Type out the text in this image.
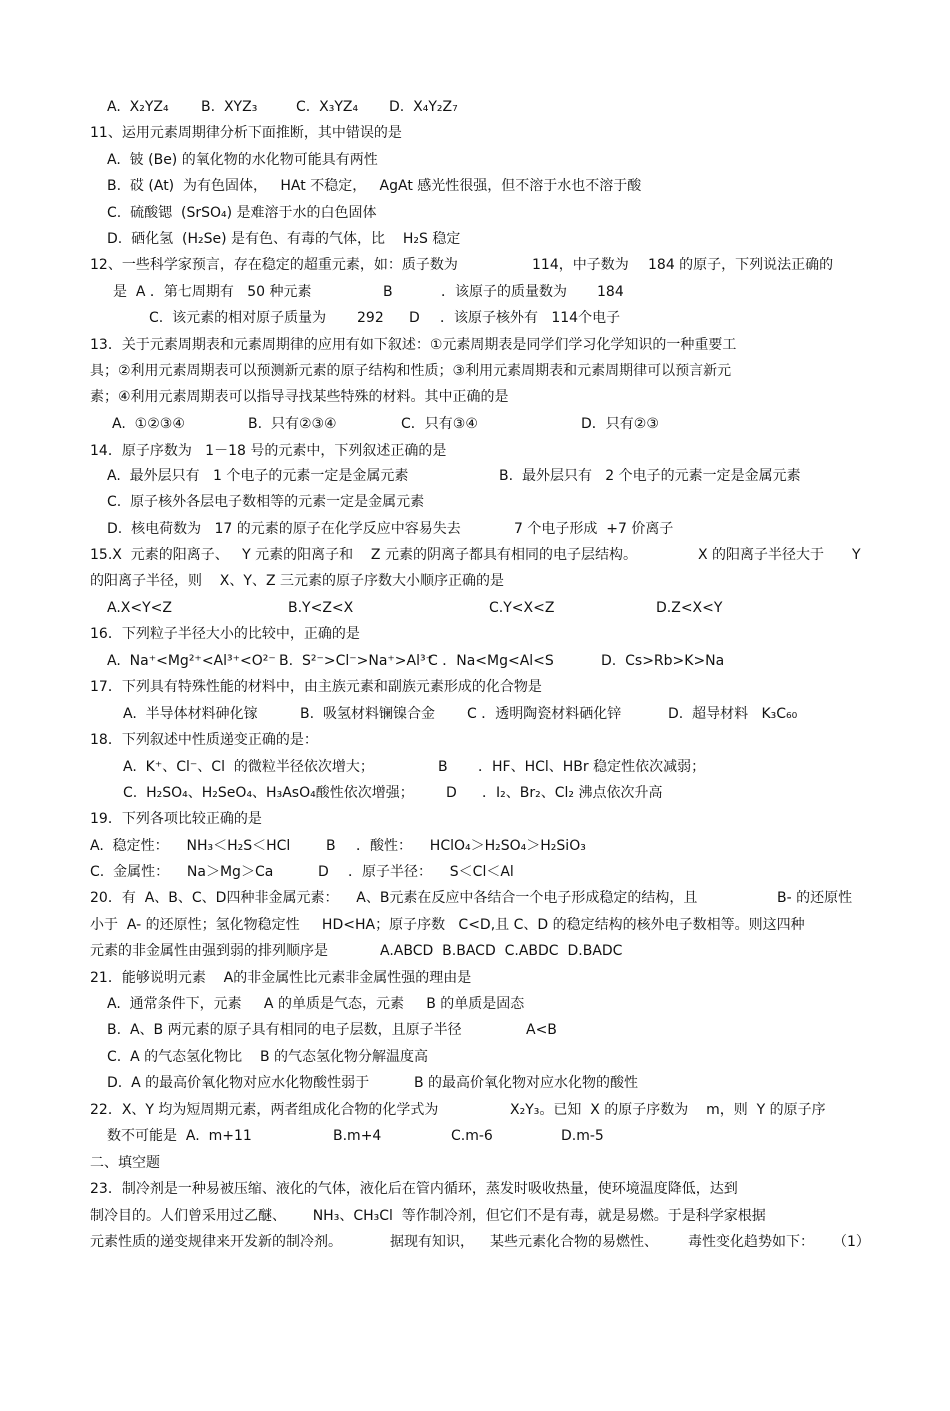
A.  X₂YZ₄

B.  XYZ₃

	C.  X₃YZ₄

D.  X₄Y₂Z₇

11、运用元素周期律分析下面推断，其中错误的是

A.  铍 (Be) 的氧化物的水化物可能具有两性

B.  砹 (At)  为有色固体，   HAt 不稳定，   AgAt 感光性很强，但不溶于水也不溶于酸

C.  硫酸锶  (SrSO₄) 是难溶于水的白色固体

D.  硒化氢  (H₂Se) 是有色、有毒的气体，比    H₂S 稳定

12、一些科学家预言，存在稳定的超重元素，如：质子数为

	114，中子数为

184 的原子，下列说法正确的

是  A ．第七周期有   50 种元素

	B

	．该原子的质量数为

184

C.  该元素的相对原子质量为

292

D

．该原子核外有   114个电子

13．关于元素周期表和元素周期律的应用有如下叙述：①元素周期表是同学们学习化学知识的一种重要工

具；②利用元素周期表可以预测新元素的原子结构和性质；③利用元素周期表和元素周期律可以预言新元

素；④利用元素周期表可以指导寻找某些特殊的材料。其中正确的是

A.  ①②③④

	B.  只有②③④

	C．只有③④

	D．只有②③

14．原子序数为   1－18 号的元素中，下列叙述正确的是

A.  最外层只有   1 个电子的元素一定是金属元素

	B.  最外层只有   2 个电子的元素一定是金属元素

C.  原子核外各层电子数相等的元素一定是金属元素

D.  核电荷数为   17 的元素的原子在化学反应中容易失去

	7 个电子形成  +7 价离子

15.X  元素的阳离子、   Y 元素的阳离子和    Z 元素的阴离子都具有相同的电子层结构。

	X 的阳离子半径大于

Y

的阳离子半径，则    X、Y、Z 三元素的原子序数大小顺序正确的是

A.X<Y<Z

	B.Y<Z<X

	C.Y<X<Z

	D.Z<X<Y

16．下列粒子半径大小的比较中，正确的是

A.  Na⁺<Mg²⁺<Al³⁺<O²⁻

B.  S²⁻>Cl⁻>Na⁺>Al³⁺

C ．Na<Mg<Al<S

	D.  Cs>Rb>K>Na

17．下列具有特殊性能的材料中，由主族元素和副族元素形成的化合物是

A.  半导体材料砷化镓

	B.  吸氢材料镧镍合金

C ．透明陶瓷材料硒化锌

	D.  超导材料   K₃C₆₀

18．下列叙述中性质递变正确的是：

A.  K⁺、Cl⁻、Cl  的微粒半径依次增大；

	B

．HF、HCl、HBr 稳定性依次减弱；

C.  H₂SO₄、H₂SeO₄、H₃AsO₄酸性依次增强；

D

．I₂、Br₂、Cl₂ 沸点依次升高

19．下列各项比较正确的是

A.  稳定性：    NH₃＜H₂S＜HCl

	B

．酸性：    HClO₄＞H₂SO₄＞H₂SiO₃

C.  金属性：    Na＞Mg＞Ca

	D

．原子半径：    S＜Cl＜Al

20．有  A、B、C、D四种非金属元素：    A、B元素在反应中各结合一个电子形成稳定的结构，且

	B- 的还原性

小于  A- 的还原性；氢化物稳定性     HD<HA；原子序数   C<D,且 C、D 的稳定结构的核外电子数相等。则这四种

元素的非金属性由强到弱的排列顺序是

	A.ABCD  B.BACD  C.ABDC  D.BADC

21．能够说明元素    A的非金属性比元素非金属性强的理由是

A.  通常条件下，元素     A 的单质是气态，元素     B 的单质是固态

B.  A、B 两元素的原子具有相同的电子层数，且原子半径

	A<B

C.  A 的气态氢化物比    B 的气态氢化物分解温度高

D.  A 的最高价氧化物对应水化物酸性弱于

	B 的最高价氧化物对应水化物的酸性

22．X、Y 均为短周期元素，两者组成化合物的化学式为

	X₂Y₃。已知  X 的原子序数为    m，则  Y 的原子序

数不可能是  A.  m+11

	B.m+4

	C.m-6

	D.m-5

二、填空题

23．制冷剂是一种易被压缩、液化的气体，液化后在管内循环，蒸发时吸收热量，使环境温度降低，达到

制冷目的。人们曾采用过乙醚、      NH₃、CH₃Cl  等作制冷剂，但它们不是有毒，就是易燃。于是科学家根据

元素性质的递变规律来开发新的制冷剂。

	据现有知识，

某些元素化合物的易燃性、

毒性变化趋势如下：

（1）
